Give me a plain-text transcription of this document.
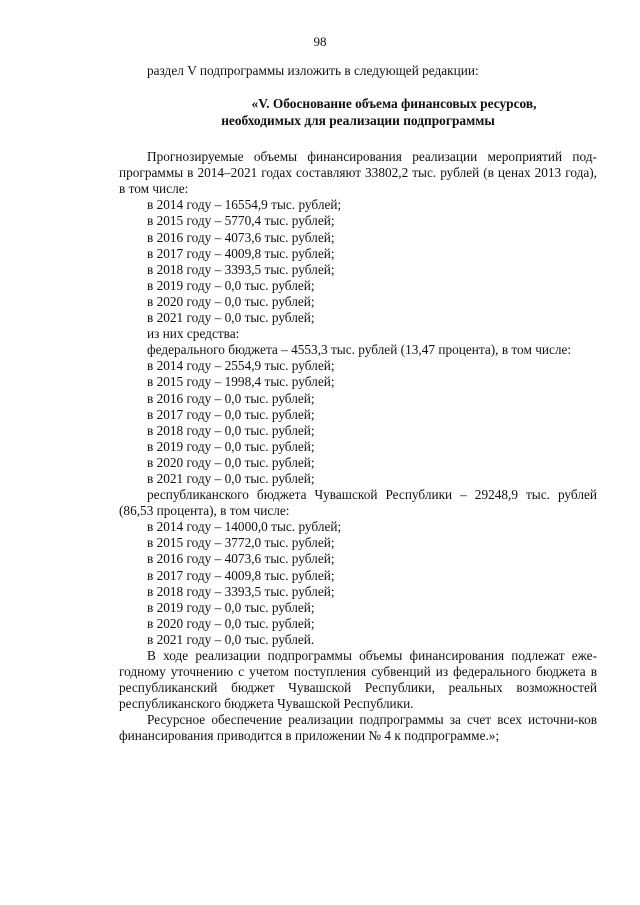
98
раздел V подпрограммы изложить в следующей редакции:
«V. Обоснование объема финансовых ресурсов,
необходимых для реализации подпрограммы

Прогнозируемые объемы финансирования реализации мероприятий под-программы в 2014–2021 годах составляют 33802,2 тыс. рублей (в ценах 2013 года), в том числе:

в 2014 году – 16554,9 тыс. рублей;
в 2015 году – 5770,4 тыс. рублей;
в 2016 году – 4073,6 тыс. рублей;
в 2017 году – 4009,8 тыс. рублей;
в 2018 году – 3393,5 тыс. рублей;
в 2019 году – 0,0 тыс. рублей;
в 2020 году – 0,0 тыс. рублей;
в 2021 году – 0,0 тыс. рублей;
из них средства:
федерального бюджета – 4553,3 тыс. рублей (13,47 процента), в том числе:
в 2014 году – 2554,9 тыс. рублей;
в 2015 году – 1998,4 тыс. рублей;
в 2016 году – 0,0 тыс. рублей;
в 2017 году – 0,0 тыс. рублей;
в 2018 году – 0,0 тыс. рублей;
в 2019 году – 0,0 тыс. рублей;
в 2020 году – 0,0 тыс. рублей;
в 2021 году – 0,0 тыс. рублей;

республиканского бюджета Чувашской Республики – 29248,9 тыс. рублей (86,53 процента), в том числе:

в 2014 году – 14000,0 тыс. рублей;
в 2015 году – 3772,0 тыс. рублей;
в 2016 году – 4073,6 тыс. рублей;
в 2017 году – 4009,8 тыс. рублей;
в 2018 году – 3393,5 тыс. рублей;
в 2019 году – 0,0 тыс. рублей;
в 2020 году – 0,0 тыс. рублей;
в 2021 году – 0,0 тыс. рублей.

В ходе реализации подпрограммы объемы финансирования подлежат еже-годному уточнению с учетом поступления субвенций из федерального бюджета в республиканский бюджет Чувашской Республики, реальных возможностей республиканского бюджета Чувашской Республики.

Ресурсное обеспечение реализации подпрограммы за счет всех источни-ков финансирования приводится в приложении № 4 к подпрограмме.»;
